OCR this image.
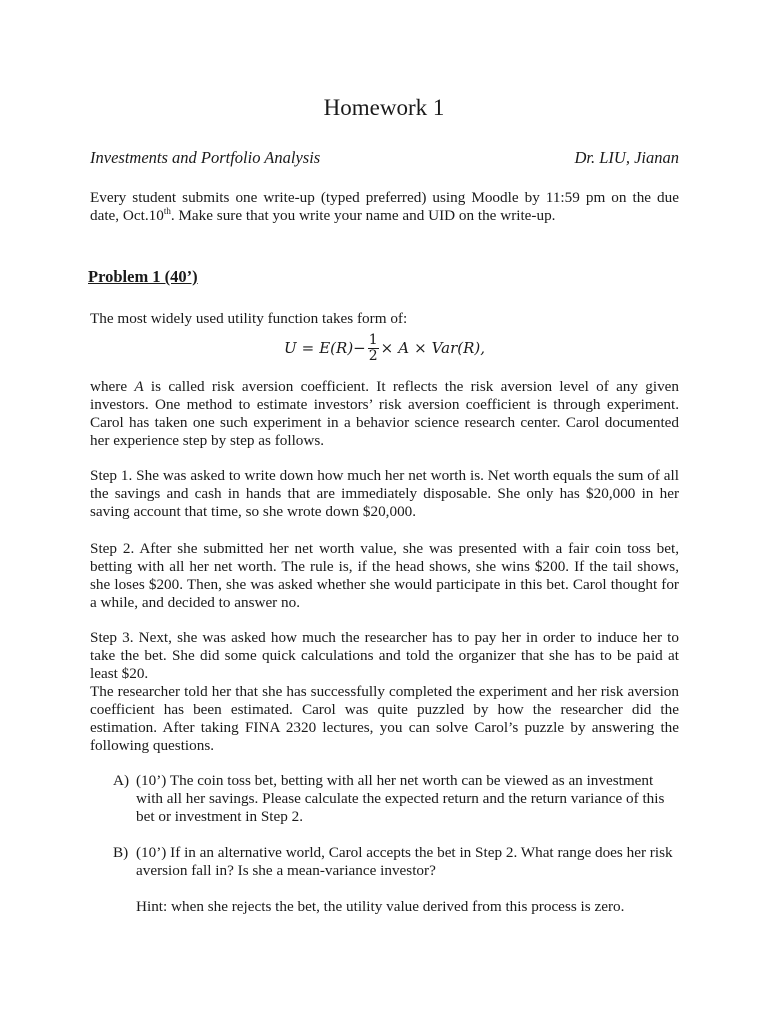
Homework 1
Investments and Portfolio Analysis	Dr. LIU, Jianan

Every student submits one write-up (typed preferred) using Moodle by 11:59 pm on the due date, Oct.10th. Make sure that you write your name and UID on the write-up.

Problem 1 (40’)
The most widely used utility function takes form of:
$U = E(R) - \frac{1}{2} \times A \times Var(R)$,

where A is called risk aversion coefficient. It reflects the risk aversion level of any given investors. One method to estimate investors’ risk aversion coefficient is through experiment. Carol has taken one such experiment in a behavior science research center. Carol documented her experience step by step as follows.

Step 1. She was asked to write down how much her net worth is. Net worth equals the sum of all the savings and cash in hands that are immediately disposable. She only has $20,000 in her saving account that time, so she wrote down $20,000.
Step 2. After she submitted her net worth value, she was presented with a fair coin toss bet, betting with all her net worth. The rule is, if the head shows, she wins $200. If the tail shows, she loses $200. Then, she was asked whether she would participate in this bet. Carol thought for a while, and decided to answer no.
Step 3. Next, she was asked how much the researcher has to pay her in order to induce her to take the bet. She did some quick calculations and told the organizer that she has to be paid at least $20.
The researcher told her that she has successfully completed the experiment and her risk aversion coefficient has been estimated. Carol was quite puzzled by how the researcher did the estimation. After taking FINA 2320 lectures, you can solve Carol’s puzzle by answering the following questions.
A) (10’) The coin toss bet, betting with all her net worth can be viewed as an investment with all her savings. Please calculate the expected return and the return variance of this bet or investment in Step 2.
B) (10’) If in an alternative world, Carol accepts the bet in Step 2. What range does her risk aversion fall in? Is she a mean-variance investor?
Hint: when she rejects the bet, the utility value derived from this process is zero.
